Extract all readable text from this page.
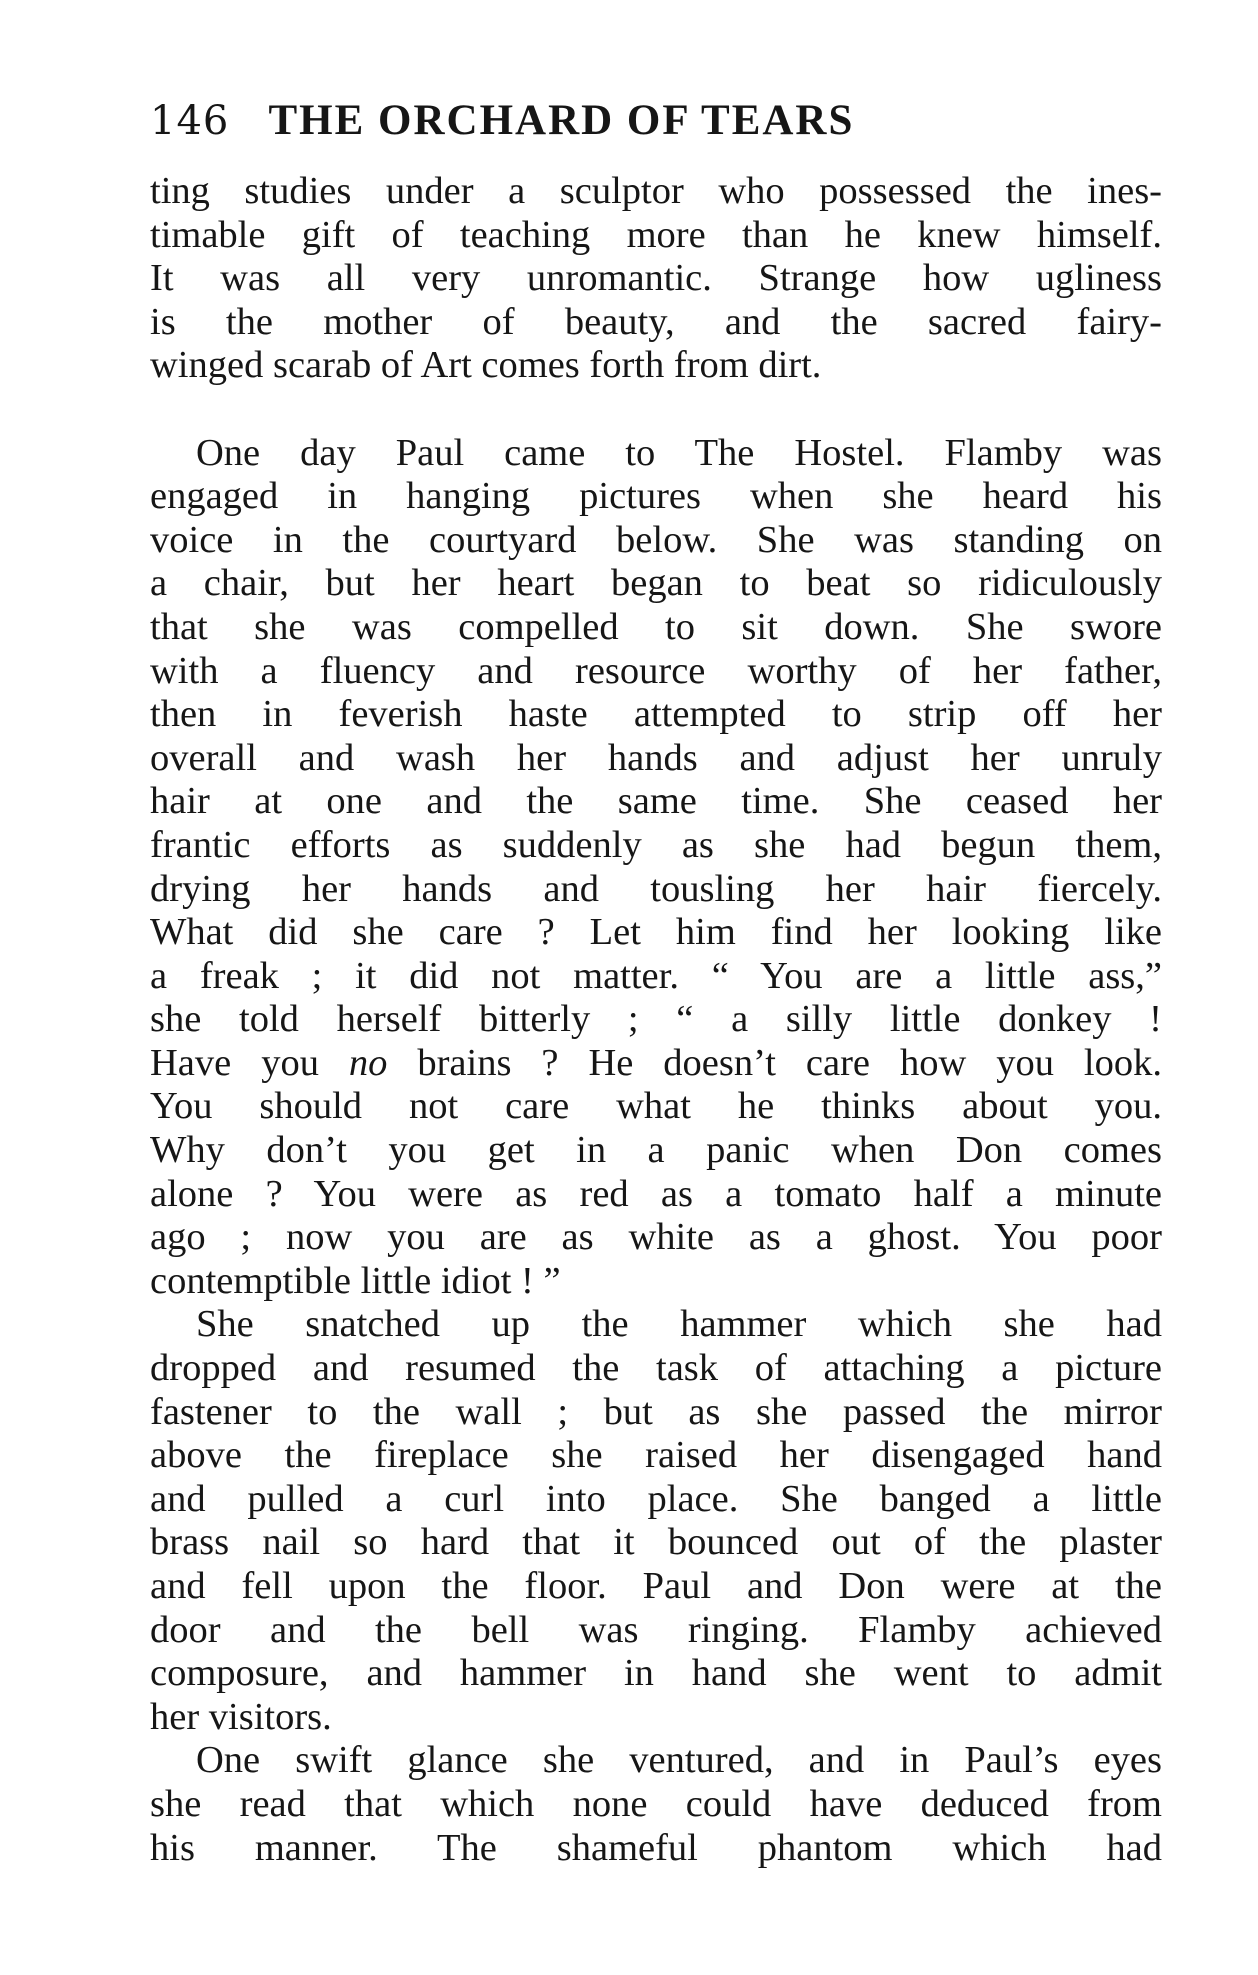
146 THE ORCHARD OF TEARS
ting studies under a sculptor who possessed the ines-
timable gift of teaching more than he knew himself.
It was all very unromantic. Strange how ugliness
is the mother of beauty, and the sacred fairy-
winged scarab of Art comes forth from dirt.
One day Paul came to The Hostel. Flamby was
engaged in hanging pictures when she heard his
voice in the courtyard below. She was standing on
a chair, but her heart began to beat so ridiculously
that she was compelled to sit down. She swore
with a fluency and resource worthy of her father,
then in feverish haste attempted to strip off her
overall and wash her hands and adjust her unruly
hair at one and the same time. She ceased her
frantic efforts as suddenly as she had begun them,
drying her hands and tousling her hair fiercely.
What did she care ? Let him find her looking like
a freak ; it did not matter. “ You are a little ass,”
she told herself bitterly ; “ a silly little donkey !
Have you no brains ? He doesn’t care how you look.
You should not care what he thinks about you.
Why don’t you get in a panic when Don comes
alone ? You were as red as a tomato half a minute
ago ; now you are as white as a ghost. You poor
contemptible little idiot ! ”
She snatched up the hammer which she had
dropped and resumed the task of attaching a picture
fastener to the wall ; but as she passed the mirror
above the fireplace she raised her disengaged hand
and pulled a curl into place. She banged a little
brass nail so hard that it bounced out of the plaster
and fell upon the floor. Paul and Don were at the
door and the bell was ringing. Flamby achieved
composure, and hammer in hand she went to admit
her visitors.
One swift glance she ventured, and in Paul’s eyes
she read that which none could have deduced from
his manner. The shameful phantom which had
